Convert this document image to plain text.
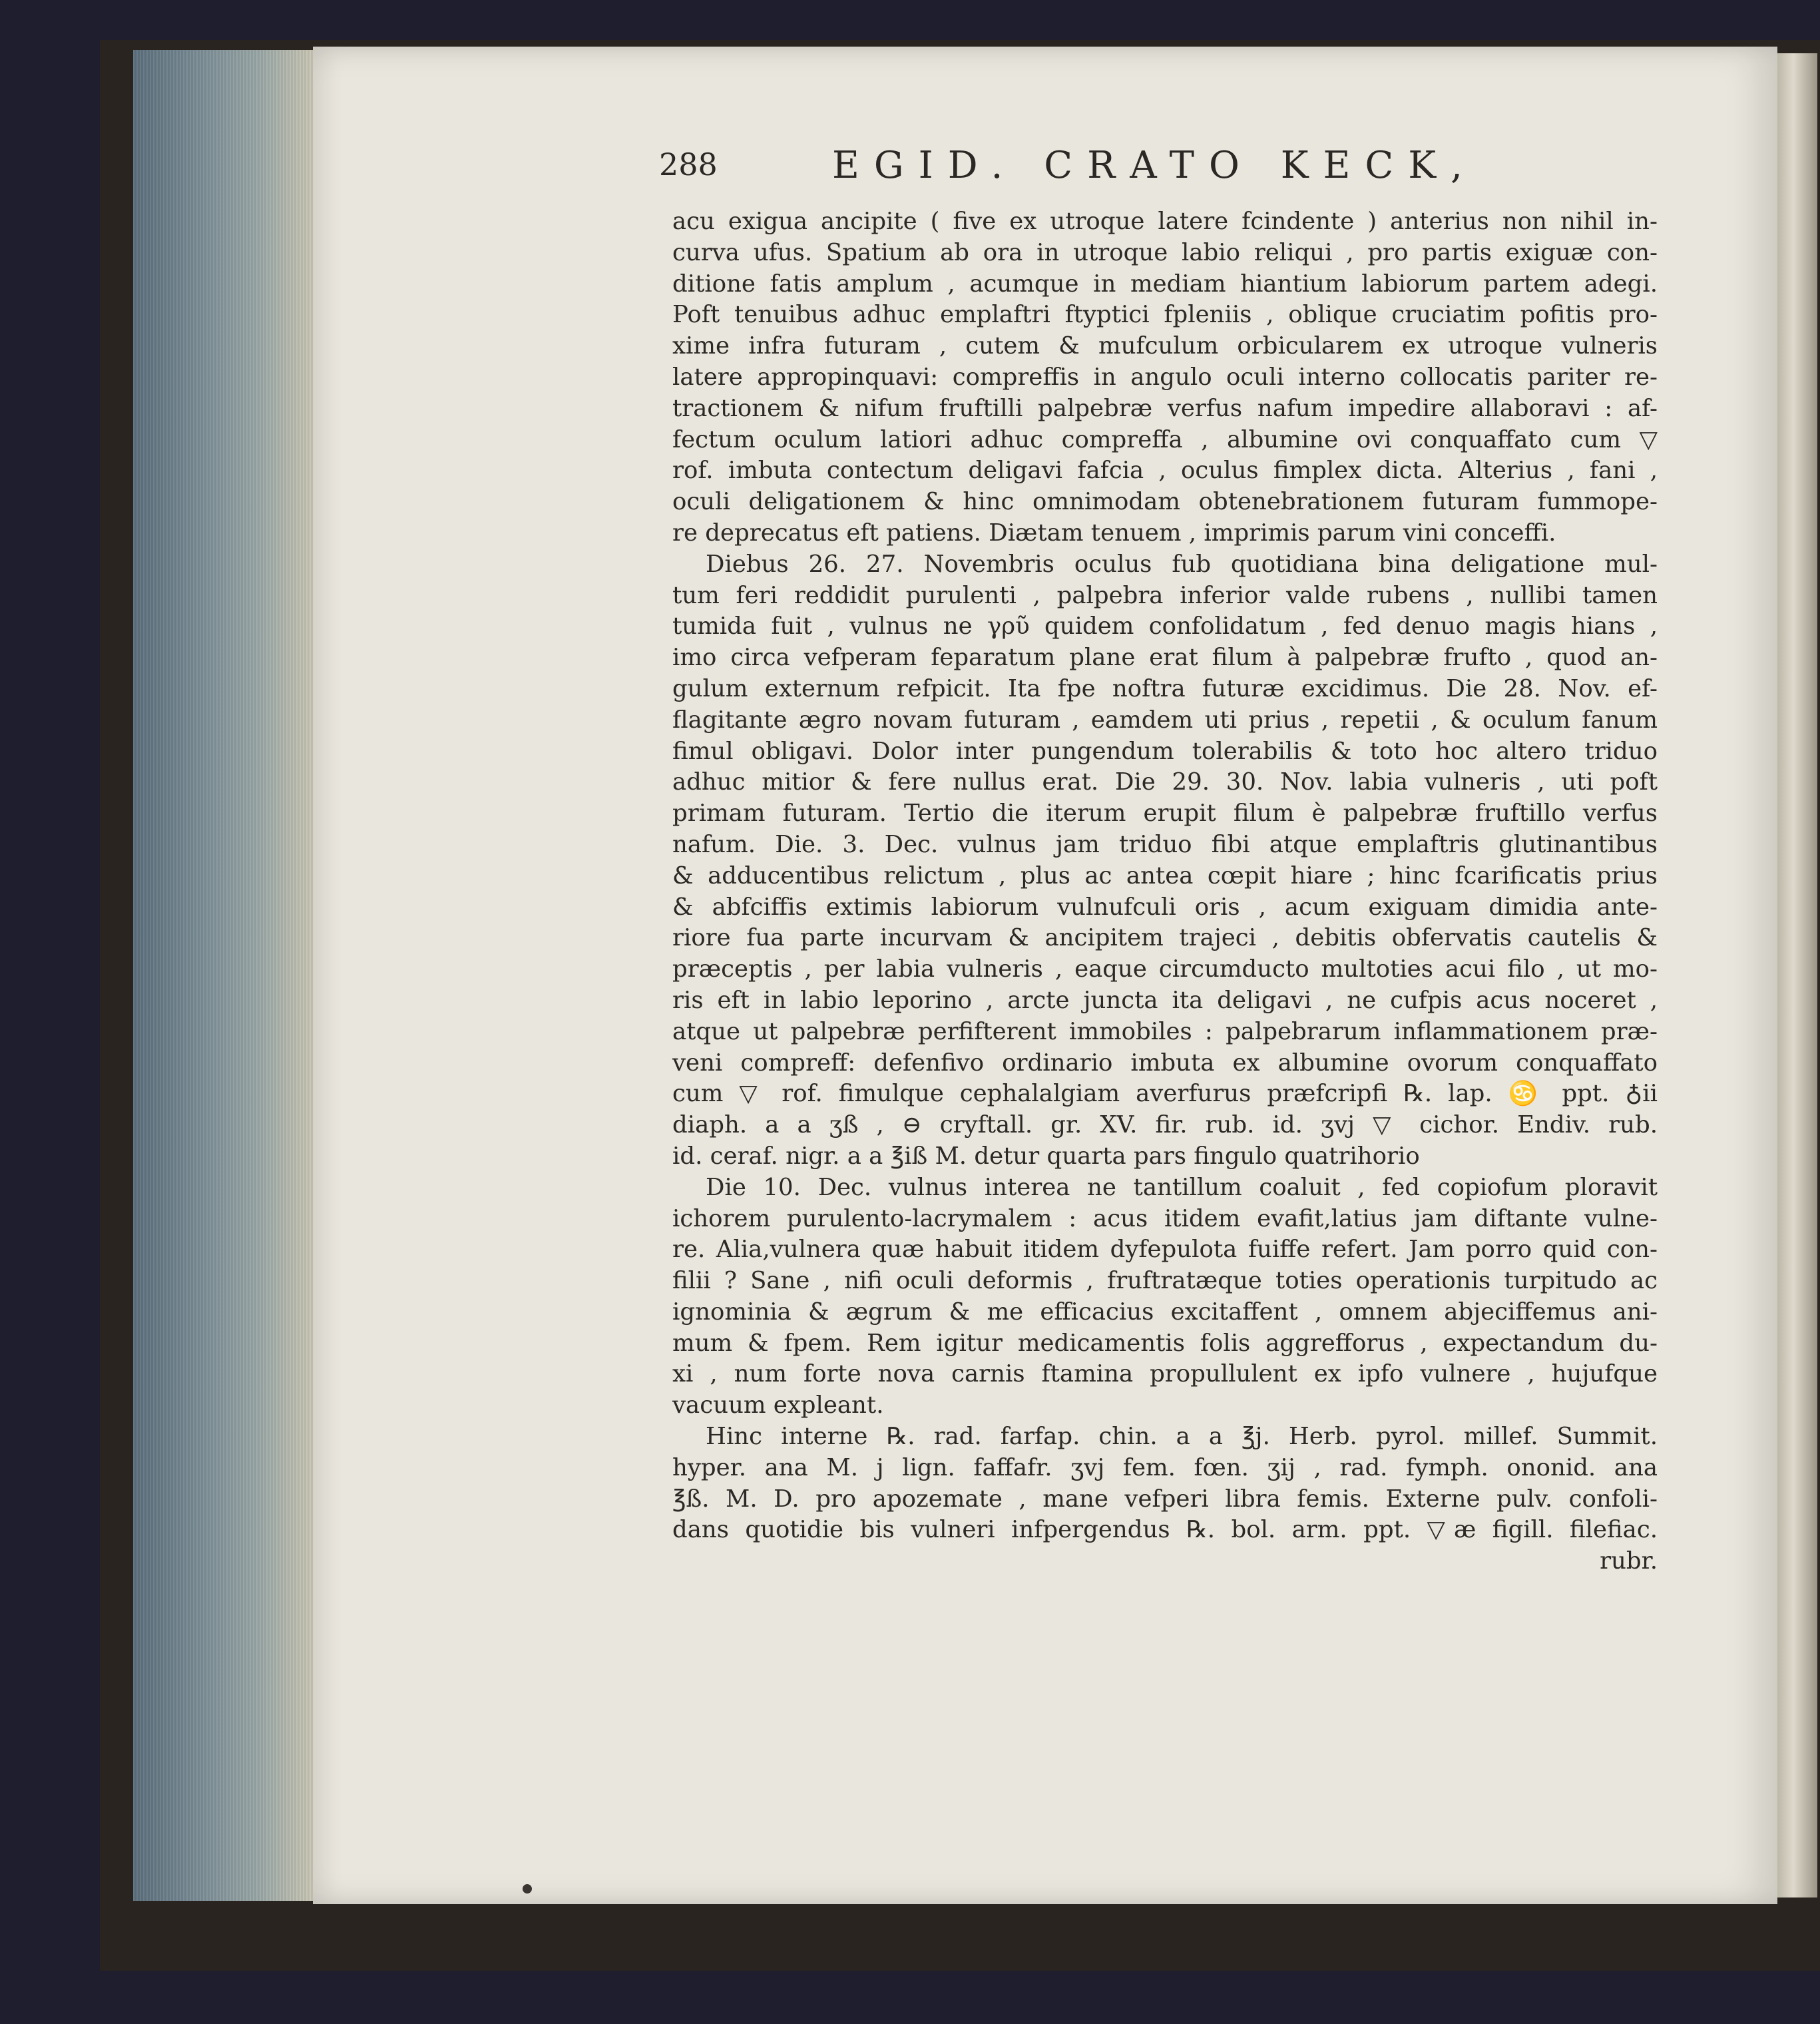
288	EGID. CRATO KECK,
acu exigua ancipite ( five ex utroque latere fcindente ) anterius non nihil in-
curva ufus. Spatium ab ora in utroque labio reliqui , pro partis exiguæ con-
ditione fatis amplum , acumque in mediam hiantium labiorum partem adegi.
Poft tenuibus adhuc emplaftri ftyptici fpleniis , oblique cruciatim pofitis pro-
xime infra futuram , cutem & mufculum orbicularem ex utroque vulneris
latere appropinquavi: compreffis in angulo oculi interno collocatis pariter re-
tractionem & nifum fruftilli palpebræ verfus nafum impedire allaboravi : af-
fectum oculum latiori adhuc compreffa , albumine ovi conquaffato cum ▽
rof. imbuta contectum deligavi fafcia , oculus fimplex dicta. Alterius , fani ,
oculi deligationem & hinc omnimodam obtenebrationem futuram fummope-
re deprecatus eft patiens. Diætam tenuem , imprimis parum vini conceffi.
Diebus 26. 27. Novembris oculus fub quotidiana bina deligatione mul-
tum feri reddidit purulenti , palpebra inferior valde rubens , nullibi tamen
tumida fuit , vulnus ne γρῦ quidem confolidatum , fed denuo magis hians ,
imo circa vefperam feparatum plane erat filum à palpebræ frufto , quod an-
gulum externum refpicit. Ita fpe noftra futuræ excidimus. Die 28. Nov. ef-
flagitante ægro novam futuram , eamdem uti prius , repetii , & oculum fanum
fimul obligavi. Dolor inter pungendum tolerabilis & toto hoc altero triduo
adhuc mitior & fere nullus erat. Die 29. 30. Nov. labia vulneris , uti poft
primam futuram. Tertio die iterum erupit filum è palpebræ fruftillo verfus
nafum. Die. 3. Dec. vulnus jam triduo fibi atque emplaftris glutinantibus
& adducentibus relictum , plus ac antea cœpit hiare ; hinc fcarificatis prius
& abfciffis extimis labiorum vulnufculi oris , acum exiguam dimidia ante-
riore fua parte incurvam & ancipitem trajeci , debitis obfervatis cautelis &
præceptis , per labia vulneris , eaque circumducto multoties acui filo , ut mo-
ris eft in labio leporino , arcte juncta ita deligavi , ne cufpis acus noceret ,
atque ut palpebræ perfifterent immobiles : palpebrarum inflammationem præ-
veni compreff: defenfivo ordinario imbuta ex albumine ovorum conquaffato
cum ▽ rof. fimulque cephalalgiam averfurus præfcripfi ℞. lap. ♋ ppt. ♁ii
diaph. a a ʒß , ⊖ cryftall. gr. XV. fir. rub. id. ʒvj ▽ cichor. Endiv. rub.
id. ceraf. nigr. a a ℥iß M. detur quarta pars fingulo quatrihorio
Die 10. Dec. vulnus interea ne tantillum coaluit , fed copiofum ploravit
ichorem purulento-lacrymalem : acus itidem evafit,latius jam diftante vulne-
re. Alia,vulnera quæ habuit itidem dyfepulota fuiffe refert. Jam porro quid con-
filii ? Sane , nifi oculi deformis , fruftratæque toties operationis turpitudo ac
ignominia & ægrum & me efficacius excitaffent , omnem abjeciffemus ani-
mum & fpem. Rem igitur medicamentis folis aggrefforus , expectandum du-
xi , num forte nova carnis ftamina propullulent ex ipfo vulnere , hujufque
vacuum expleant.
Hinc interne ℞. rad. farfap. chin. a a ℥j. Herb. pyrol. millef. Summit.
hyper. ana M. j lign. faffafr. ʒvj fem. fœn. ʒij , rad. fymph. ononid. ana
℥ß. M. D. pro apozemate , mane vefperi libra femis. Externe pulv. confoli-
dans quotidie bis vulneri infpergendus ℞. bol. arm. ppt. ▽æ figill. filefiac.
rubr.
